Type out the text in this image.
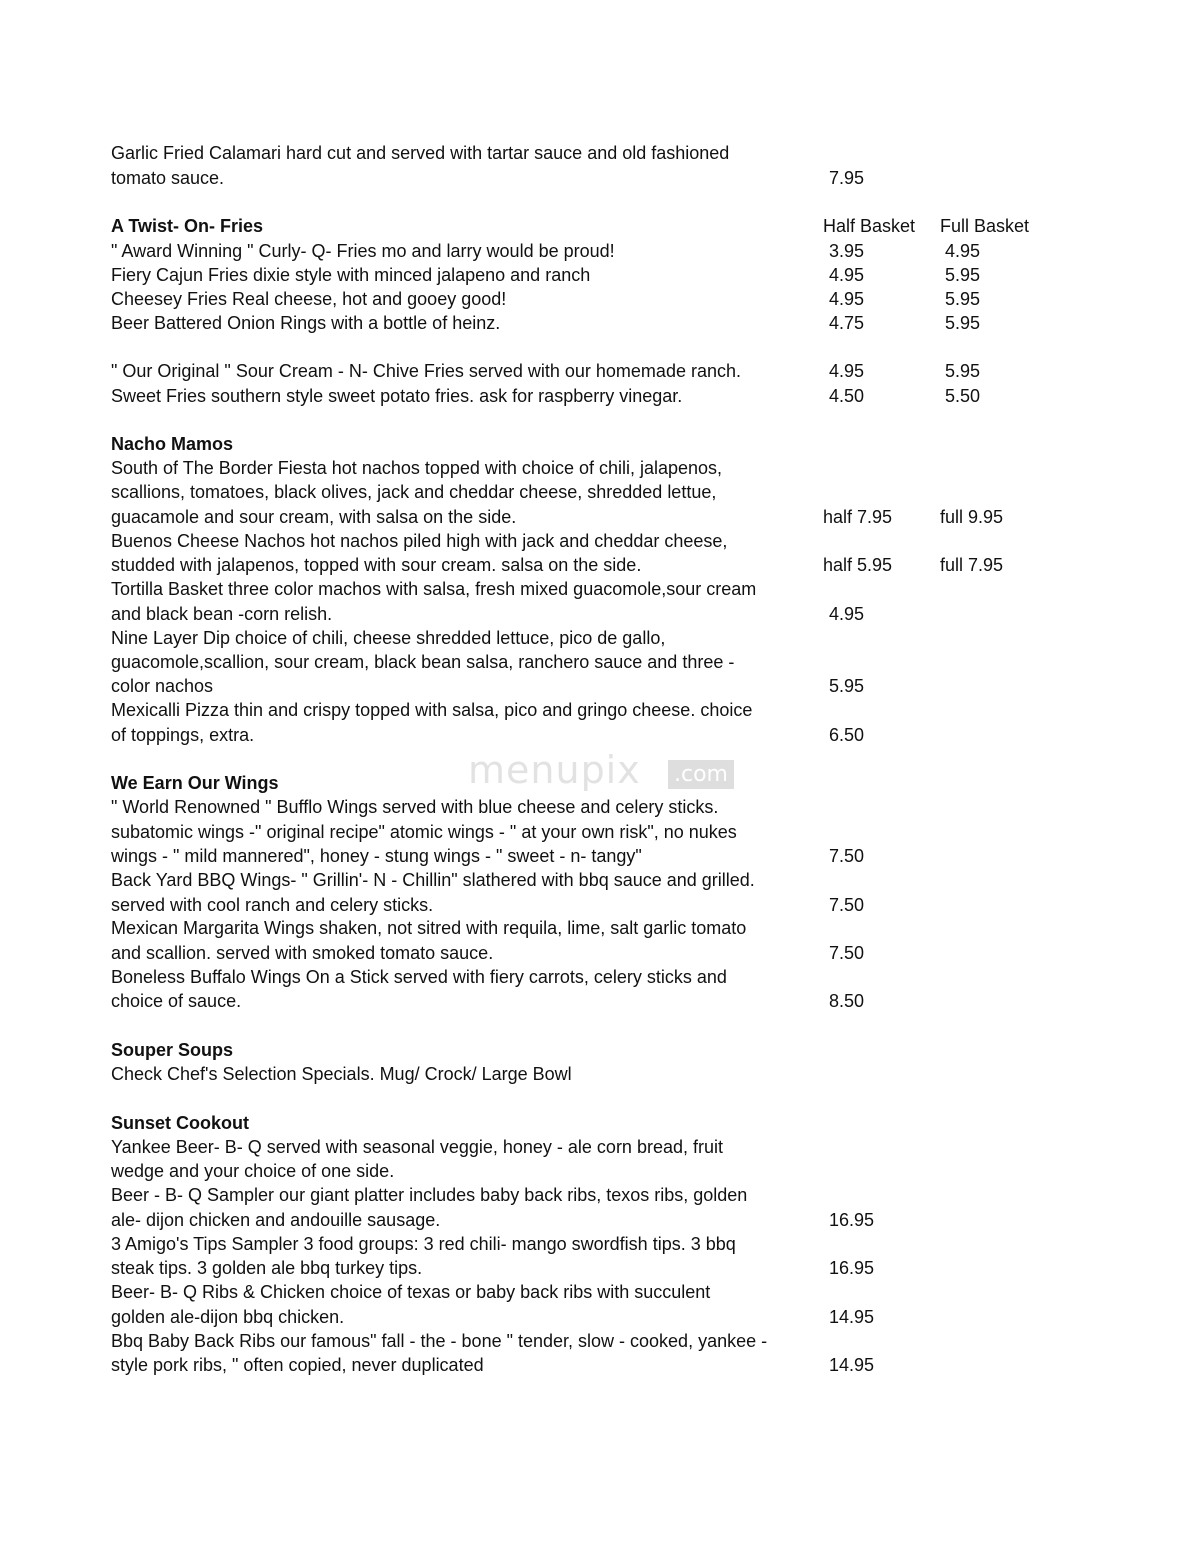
Garlic Fried Calamari hard cut and served with tartar sauce and old fashioned
tomato sauce.	7.95
A Twist- On- Fries	Half Basket Full Basket
" Award Winning " Curly- Q- Fries mo and larry would be proud!	3.95	4.95
Fiery Cajun Fries dixie style with minced jalapeno and ranch	4.95	5.95
Cheesey Fries Real cheese, hot and gooey good!	4.95	5.95
Beer Battered Onion Rings with a bottle of heinz.	4.75	5.95
" Our Original " Sour Cream - N- Chive Fries served with our homemade ranch.	4.95	5.95
Sweet Fries southern style sweet potato fries. ask for raspberry vinegar.	4.50	5.50
Nacho Mamos
South of The Border Fiesta hot nachos topped with choice of chili, jalapenos,
scallions, tomatoes, black olives, jack and cheddar cheese, shredded lettue,
guacamole and sour cream, with salsa on the side.	half 7.95	full 9.95
Buenos Cheese Nachos hot nachos piled high with jack and cheddar cheese,
studded with jalapenos, topped with sour cream. salsa on the side.	half 5.95	full 7.95
Tortilla Basket three color machos with salsa, fresh mixed guacomole,sour cream
and black bean -corn relish.	4.95
Nine Layer Dip choice of chili, cheese shredded lettuce, pico de gallo,
guacomole,scallion, sour cream, black bean salsa, ranchero sauce and three -
color nachos	5.95
Mexicalli Pizza thin and crispy topped with salsa, pico and gringo cheese. choice
of toppings, extra.	6.50
menupix .com
We Earn Our Wings
" World Renowned " Bufflo Wings served with blue cheese and celery sticks.
subatomic wings -" original recipe" atomic wings - " at your own risk", no nukes
wings - " mild mannered", honey - stung wings - " sweet - n- tangy"	7.50
Back Yard BBQ Wings- " Grillin'- N - Chillin" slathered with bbq sauce and grilled.
served with cool ranch and celery sticks.	7.50
Mexican Margarita Wings shaken, not sitred with requila, lime, salt garlic tomato
and scallion. served with smoked tomato sauce.	7.50
Boneless Buffalo Wings On a Stick served with fiery carrots, celery sticks and
choice of sauce.	8.50
Souper Soups
Check Chef's Selection Specials. Mug/ Crock/ Large Bowl
Sunset Cookout
Yankee Beer- B- Q served with seasonal veggie, honey - ale corn bread, fruit
wedge and your choice of one side.
Beer - B- Q Sampler our giant platter includes baby back ribs, texos ribs, golden
ale- dijon chicken and andouille sausage.	16.95
3 Amigo's Tips Sampler 3 food groups: 3 red chili- mango swordfish tips. 3 bbq
steak tips. 3 golden ale bbq turkey tips.	16.95
Beer- B- Q Ribs & Chicken choice of texas or baby back ribs with succulent
golden ale-dijon bbq chicken.	14.95
Bbq Baby Back Ribs our famous" fall - the - bone " tender, slow - cooked, yankee -
style pork ribs, " often copied, never duplicated	14.95
